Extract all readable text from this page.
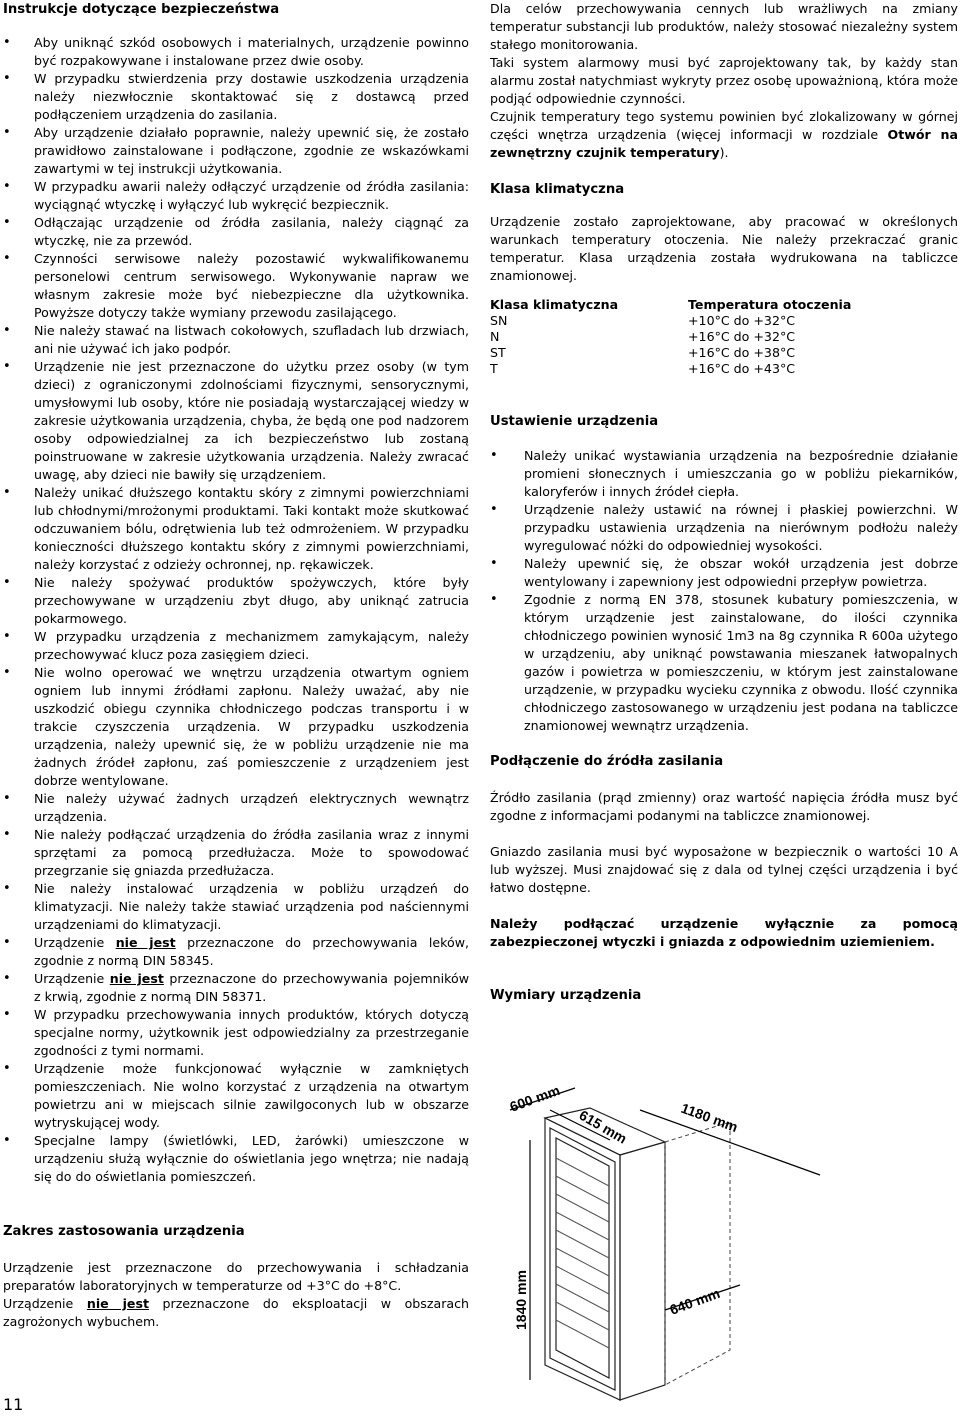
Instrukcje dotyczące bezpieczeństwa
• Aby uniknąć szkód osobowych i materialnych, urządzenie powinno być rozpakowywane i instalowane przez dwie osoby.
• W przypadku stwierdzenia przy dostawie uszkodzenia urządzenia należy niezwłocznie skontaktować się z dostawcą przed podłączeniem urządzenia do zasilania.
• Aby urządzenie działało poprawnie, należy upewnić się, że zostało prawidłowo zainstalowane i podłączone, zgodnie ze wskazówkami zawartymi w tej instrukcji użytkowania.
• W przypadku awarii należy odłączyć urządzenie od źródła zasilania: wyciągnąć wtyczkę i wyłączyć lub wykręcić bezpiecznik.
• Odłączając urządzenie od źródła zasilania, należy ciągnąć za wtyczkę, nie za przewód.
• Czynności serwisowe należy pozostawić wykwalifikowanemu personelowi centrum serwisowego. Wykonywanie napraw we własnym zakresie może być niebezpieczne dla użytkownika. Powyższe dotyczy także wymiany przewodu zasilającego.
• Nie należy stawać na listwach cokołowych, szufladach lub drzwiach, ani nie używać ich jako podpór.
• Urządzenie nie jest przeznaczone do użytku przez osoby (w tym dzieci) z ograniczonymi zdolnościami fizycznymi, sensorycznymi, umysłowymi lub osoby, które nie posiadają wystarczającej wiedzy w zakresie użytkowania urządzenia, chyba, że będą one pod nadzorem osoby odpowiedzialnej za ich bezpieczeństwo lub zostaną poinstruowane w zakresie użytkowania urządzenia. Należy zwracać uwagę, aby dzieci nie bawiły się urządzeniem.
• Należy unikać dłuższego kontaktu skóry z zimnymi powierzchniami lub chłodnymi/mrożonymi produktami. Taki kontakt może skutkować odczuwaniem bólu, odrętwienia lub też odmrożeniem. W przypadku konieczności dłuższego kontaktu skóry z zimnymi powierzchniami, należy korzystać z odzieży ochronnej, np. rękawiczek.
• Nie należy spożywać produktów spożywczych, które były przechowywane w urządzeniu zbyt długo, aby uniknąć zatrucia pokarmowego.
• W przypadku urządzenia z mechanizmem zamykającym, należy przechowywać klucz poza zasięgiem dzieci.
• Nie wolno operować we wnętrzu urządzenia otwartym ogniem ogniem lub innymi źródłami zapłonu. Należy uważać, aby nie uszkodzić obiegu czynnika chłodniczego podczas transportu i w trakcie czyszczenia urządzenia. W przypadku uszkodzenia urządzenia, należy upewnić się, że w pobliżu urządzenie nie ma żadnych źródeł zapłonu, zaś pomieszczenie z urządzeniem jest dobrze wentylowane.
• Nie należy używać żadnych urządzeń elektrycznych wewnątrz urządzenia.
• Nie należy podłączać urządzenia do źródła zasilania wraz z innymi sprzętami za pomocą przedłużacza. Może to spowodować przegrzanie się gniazda przedłużacza.
• Nie należy instalować urządzenia w pobliżu urządzeń do klimatyzacji. Nie należy także stawiać urządzenia pod naściennymi urządzeniami do klimatyzacji.
• Urządzenie nie jest przeznaczone do przechowywania leków, zgodnie z normą DIN 58345.
• Urządzenie nie jest przeznaczone do przechowywania pojemników z krwią, zgodnie z normą DIN 58371.
• W przypadku przechowywania innych produktów, których dotyczą specjalne normy, użytkownik jest odpowiedzialny za przestrzeganie zgodności z tymi normami.
• Urządzenie może funkcjonować wyłącznie w zamkniętych pomieszczeniach. Nie wolno korzystać z urządzenia na otwartym powietrzu ani w miejscach silnie zawilgoconych lub w obszarze wytryskującej wody.
• Specjalne lampy (świetlówki, LED, żarówki) umieszczone w urządzeniu służą wyłącznie do oświetlania jego wnętrza; nie nadają się do do oświetlania pomieszczeń.
Zakres zastosowania urządzenia

Urządzenie jest przeznaczone do przechowywania i schładzania preparatów laboratoryjnych w temperaturze od +3°C do +8°C.

Urządzenie nie jest przeznaczone do eksploatacji w obszarach zagrożonych wybuchem.

Dla celów przechowywania cennych lub wrażliwych na zmiany temperatur substancji lub produktów, należy stosować niezależny system stałego monitorowania.

Taki system alarmowy musi być zaprojektowany tak, by każdy stan alarmu został natychmiast wykryty przez osobę upoważnioną, która może podjąć odpowiednie czynności.

Czujnik temperatury tego systemu powinien być zlokalizowany w górnej części wnętrza urządzenia (więcej informacji w rozdziale Otwór na zewnętrzny czujnik temperatury).

Klasa klimatyczna

Urządzenie zostało zaprojektowane, aby pracować w określonych warunkach temperatury otoczenia. Nie należy przekraczać granic temperatur. Klasa urządzenia została wydrukowana na tabliczce znamionowej.

Klasa klimatyczna	Temperatura otoczenia
SN	+10°C do +32°C
N	+16°C do +32°C
ST	+16°C do +38°C
T	+16°C do +43°C
Ustawienie urządzenia
• Należy unikać wystawiania urządzenia na bezpośrednie działanie promieni słonecznych i umieszczania go w pobliżu piekarników, kaloryferów i innych źródeł ciepła.
• Urządzenie należy ustawić na równej i płaskiej powierzchni. W przypadku ustawienia urządzenia na nierównym podłożu należy wyregulować nóżki do odpowiedniej wysokości.
• Należy upewnić się, że obszar wokół urządzenia jest dobrze wentylowany i zapewniony jest odpowiedni przepływ powietrza.
• Zgodnie z normą EN 378, stosunek kubatury pomieszczenia, w którym urządzenie jest zainstalowane, do ilości czynnika chłodniczego powinien wynosić 1m3 na 8g czynnika R 600a użytego w urządzeniu, aby uniknąć powstawania mieszanek łatwopalnych gazów i powietrza w pomieszczeniu, w którym jest zainstalowane urządzenie, w przypadku wycieku czynnika z obwodu. Ilość czynnika chłodniczego zastosowanego w urządzeniu jest podana na tabliczce znamionowej wewnątrz urządzenia.
Podłączenie do źródła zasilania

Źródło zasilania (prąd zmienny) oraz wartość napięcia źródła musz być zgodne z informacjami podanymi na tabliczce znamionowej.

Gniazdo zasilania musi być wyposażone w bezpiecznik o wartości 10 A lub wyższej. Musi znajdować się z dala od tylnej części urządzenia i być łatwo dostępne.

Należy podłączać urządzenie wyłącznie za pomocą zabezpieczonej wtyczki i gniazda z odpowiednim uziemieniem.

Wymiary urządzenia
600 mm
615 mm	1180 mm
640 mm
1840 mm
11
